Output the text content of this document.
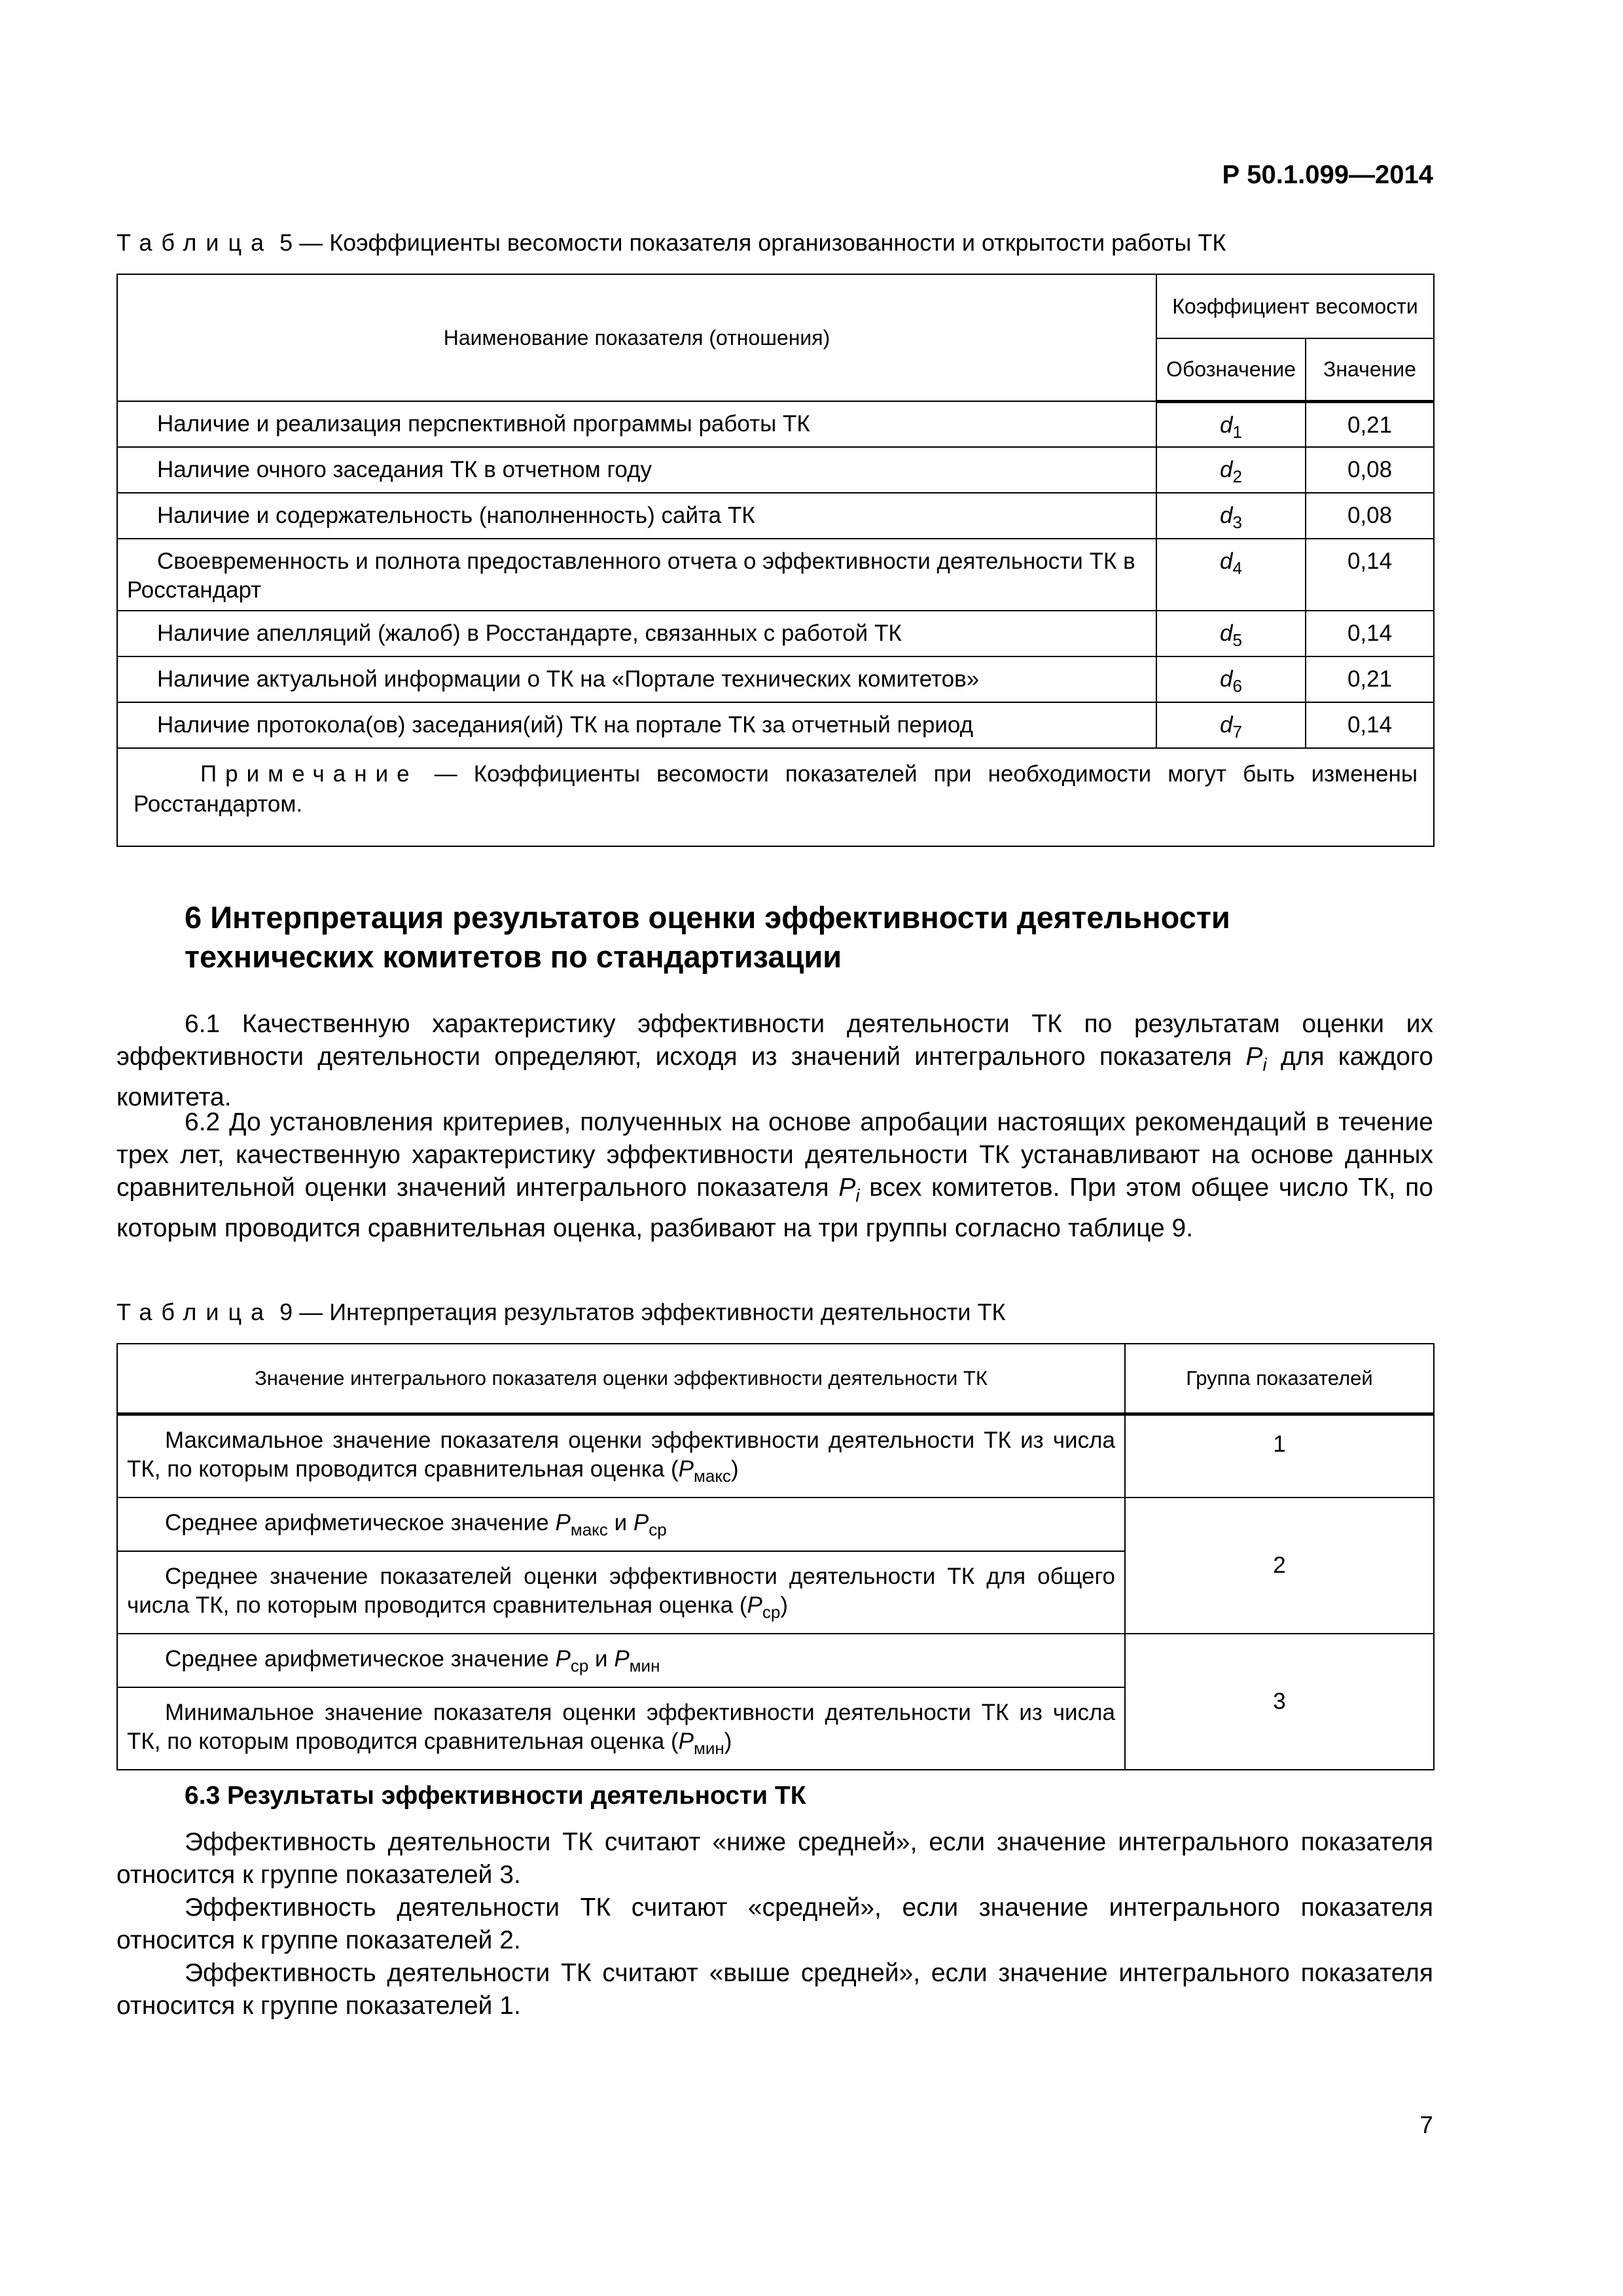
Р 50.1.099—2014
Таблица 5 — Коэффициенты весомости показателя организованности и открытости работы ТК
Наименование показателя (отношения)	Коэффициент весомости	
	Обозначение	Значение
Наличие и реализация перспективной программы работы ТК	$d_1$	0,21
Наличие очного заседания ТК в отчетном году	$d_2$	0,08
Наличие и содержательность (наполненность) сайта ТК	$d_3$	0,08
Своевременность и полнота предоставленного отчета о эффективности деятельности ТК в Росстандарт	$d_4$	0,14
Наличие апелляций (жалоб) в Росстандарте, связанных с работой ТК	$d_5$	0,14
Наличие актуальной информации о ТК на «Портале технических комитетов»	$d_6$	0,21
Наличие протокола(ов) заседания(ий) ТК на портале ТК за отчетный период	$d_7$	0,14
Примечание — Коэффициенты весомости показателей при необходимости могут быть изменены Росстандартом.		
6 Интерпретация результатов оценки эффективности деятельности технических комитетов по стандартизации
6.1 Качественную характеристику эффективности деятельности ТК по результатам оценки их эффективности деятельности определяют, исходя из значений интегрального показателя $P_i$ для каждого комитета.
6.2 До установления критериев, полученных на основе апробации настоящих рекомендаций в течение трех лет, качественную характеристику эффективности деятельности ТК устанавливают на основе данных сравнительной оценки значений интегрального показателя $P_i$ всех комитетов. При этом общее число ТК, по которым проводится сравнительная оценка, разбивают на три группы согласно таблице 9.
Таблица 9 — Интерпретация результатов эффективности деятельности ТК
Значение интегрального показателя оценки эффективности деятельности ТК	Группа показателей
Максимальное значение показателя оценки эффективности деятельности ТК из числа ТК, по которым проводится сравнительная оценка $(P_{макс})$	1
Среднее арифметическое значение $P_{макс}$ и $P_{ср}$	2
Среднее значение показателей оценки эффективности деятельности ТК для общего числа ТК, по которым проводится сравнительная оценка $(P_{ср})$	
Среднее арифметическое значение $P_{ср}$ и $P_{мин}$	3
Минимальное значение показателя оценки эффективности деятельности ТК из числа ТК, по которым проводится сравнительная оценка $(P_{мин})$	
6.3 Результаты эффективности деятельности ТК
Эффективность деятельности ТК считают «ниже средней», если значение интегрального показателя относится к группе показателей 3.
Эффективность деятельности ТК считают «средней», если значение интегрального показателя относится к группе показателей 2.
Эффективность деятельности ТК считают «выше средней», если значение интегрального показателя относится к группе показателей 1.
7
